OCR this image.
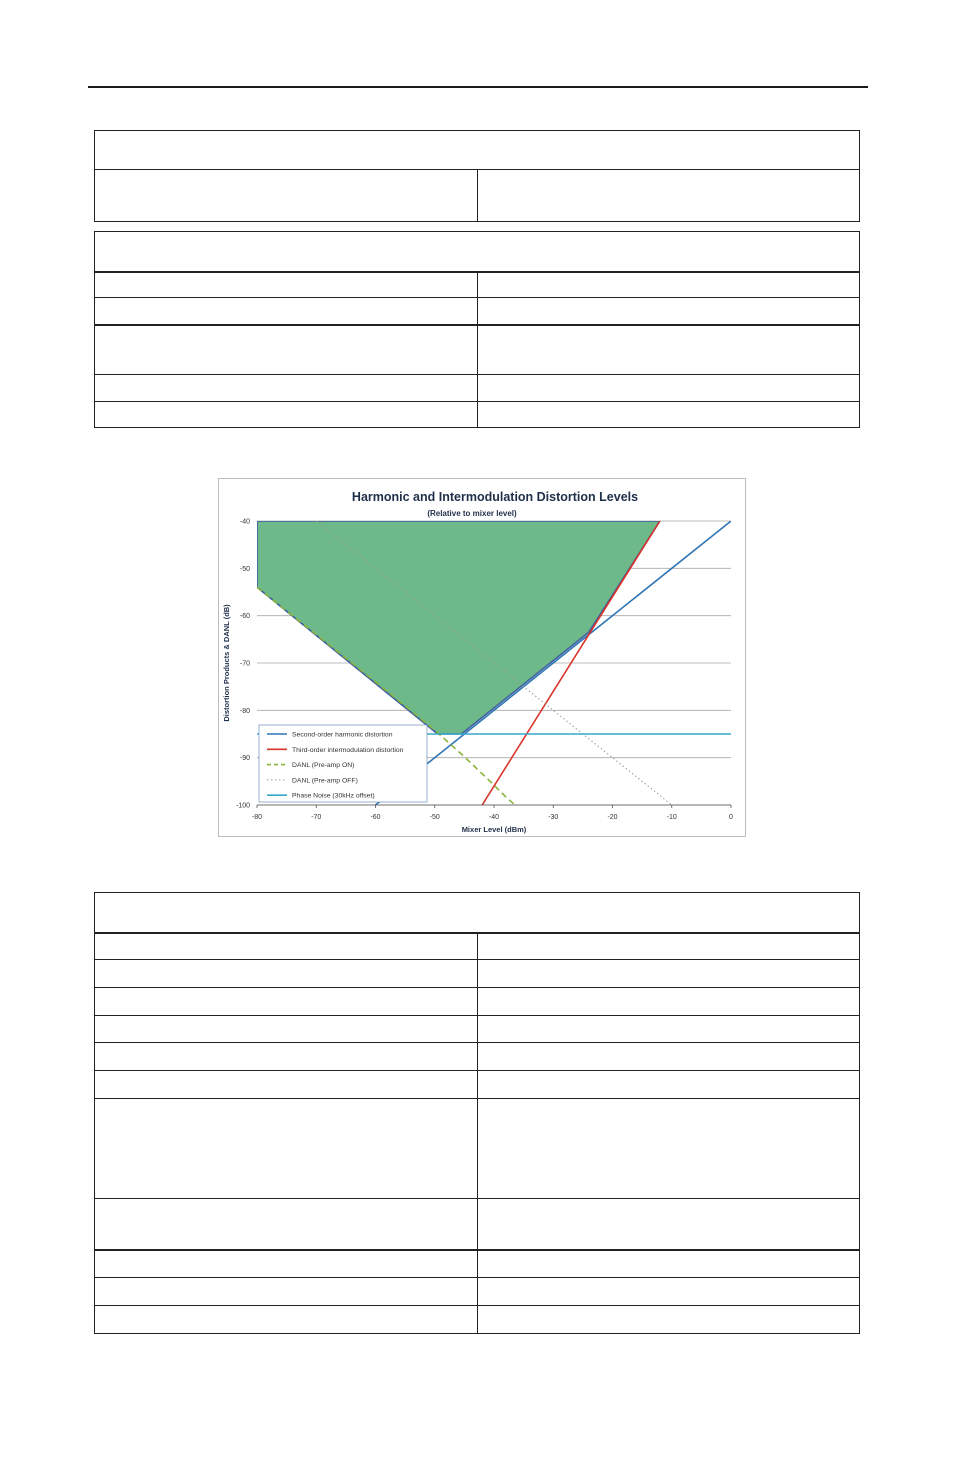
Harmonic and Intermodulation Distortion Levels
(Relative to mixer level)
Distortion Products & DANL (dB)
Mixer Level (dBm)
-40
-50
-60
-70
-80
-90
-100
-80	-70	-60	-50	-40	-30	-20	-10	0
Second-order harmonic distortion
Third-order intermodulation distortion
DANL (Pre-amp ON)
DANL (Pre-amp OFF)
Phase Noise (30kHz offset)
